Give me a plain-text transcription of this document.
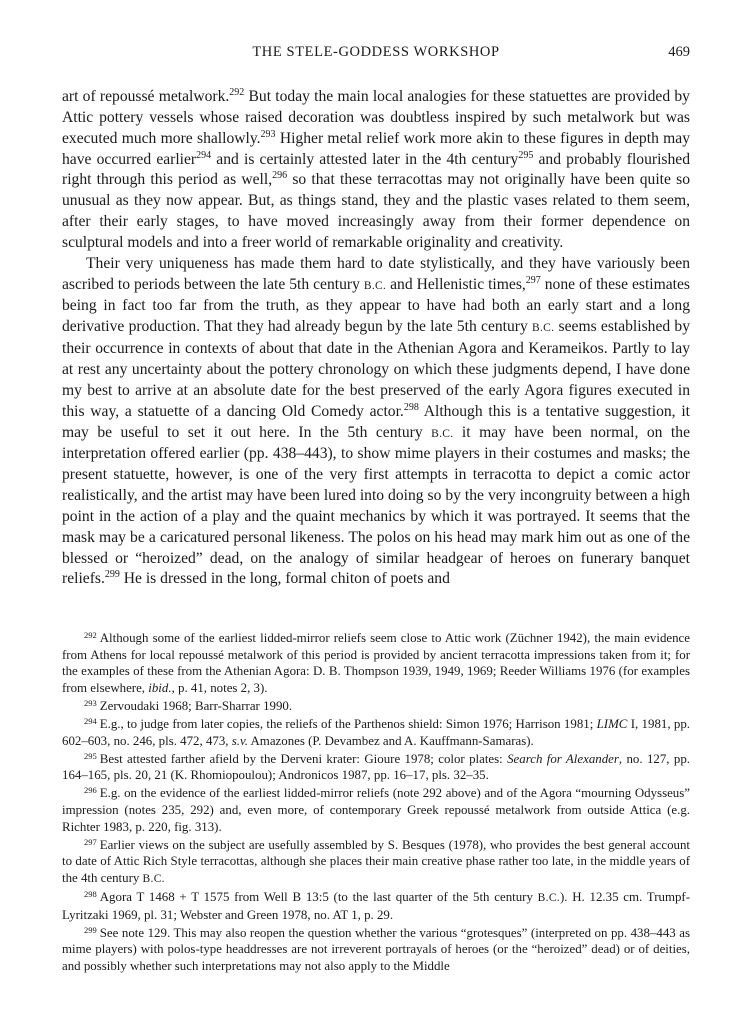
THE STELE-GODDESS WORKSHOP	469

art of repoussé metalwork.$^{292}$ But today the main local analogies for these statuettes are provided by Attic pottery vessels whose raised decoration was doubtless inspired by such metalwork but was executed much more shallowly.$^{293}$ Higher metal relief work more akin to these figures in depth may have occurred earlier$^{294}$ and is certainly attested later in the 4th century$^{295}$ and probably flourished right through this period as well,$^{296}$ so that these terracottas may not originally have been quite so unusual as they now appear. But, as things stand, they and the plastic vases related to them seem, after their early stages, to have moved increasingly away from their former dependence on sculptural models and into a freer world of remarkable originality and creativity.

Their very uniqueness has made them hard to date stylistically, and they have variously been ascribed to periods between the late 5th century B.C. and Hellenistic times,$^{297}$ none of these estimates being in fact too far from the truth, as they appear to have had both an early start and a long derivative production. That they had already begun by the late 5th century B.C. seems established by their occurrence in contexts of about that date in the Athenian Agora and Kerameikos. Partly to lay at rest any uncertainty about the pottery chronology on which these judgments depend, I have done my best to arrive at an absolute date for the best preserved of the early Agora figures executed in this way, a statuette of a dancing Old Comedy actor.$^{298}$ Although this is a tentative suggestion, it may be useful to set it out here. In the 5th century B.C. it may have been normal, on the interpretation offered earlier (pp. 438–443), to show mime players in their costumes and masks; the present statuette, however, is one of the very first attempts in terracotta to depict a comic actor realistically, and the artist may have been lured into doing so by the very incongruity between a high point in the action of a play and the quaint mechanics by which it was portrayed. It seems that the mask may be a caricatured personal likeness. The polos on his head may mark him out as one of the blessed or “heroized” dead, on the analogy of similar headgear of heroes on funerary banquet reliefs.$^{299}$ He is dressed in the long, formal chiton of poets and

$^{292}$ Although some of the earliest lidded-mirror reliefs seem close to Attic work (Züchner 1942), the main evidence from Athens for local repoussé metalwork of this period is provided by ancient terracotta impressions taken from it; for the examples of these from the Athenian Agora: D. B. Thompson 1939, 1949, 1969; Reeder Williams 1976 (for examples from elsewhere, ibid., p. 41, notes 2, 3).

$^{293}$ Zervoudaki 1968; Barr-Sharrar 1990.

$^{294}$ E.g., to judge from later copies, the reliefs of the Parthenos shield: Simon 1976; Harrison 1981; LIMC I, 1981, pp. 602–603, no. 246, pls. 472, 473, s.v. Amazones (P. Devambez and A. Kauffmann-Samaras).

$^{295}$ Best attested farther afield by the Derveni krater: Gioure 1978; color plates: Search for Alexander, no. 127, pp. 164–165, pls. 20, 21 (K. Rhomiopoulou); Andronicos 1987, pp. 16–17, pls. 32–35.

$^{296}$ E.g. on the evidence of the earliest lidded-mirror reliefs (note 292 above) and of the Agora “mourning Odysseus” impression (notes 235, 292) and, even more, of contemporary Greek repoussé metalwork from outside Attica (e.g. Richter 1983, p. 220, fig. 313).

$^{297}$ Earlier views on the subject are usefully assembled by S. Besques (1978), who provides the best general account to date of Attic Rich Style terracottas, although she places their main creative phase rather too late, in the middle years of the 4th century B.C.

$^{298}$ Agora T 1468 + T 1575 from Well B 13:5 (to the last quarter of the 5th century B.C.). H. 12.35 cm. Trumpf-Lyritzaki 1969, pl. 31; Webster and Green 1978, no. AT 1, p. 29.

$^{299}$ See note 129. This may also reopen the question whether the various “grotesques” (interpreted on pp. 438–443 as mime players) with polos-type headdresses are not irreverent portrayals of heroes (or the “heroized” dead) or of deities, and possibly whether such interpretations may not also apply to the Middle
